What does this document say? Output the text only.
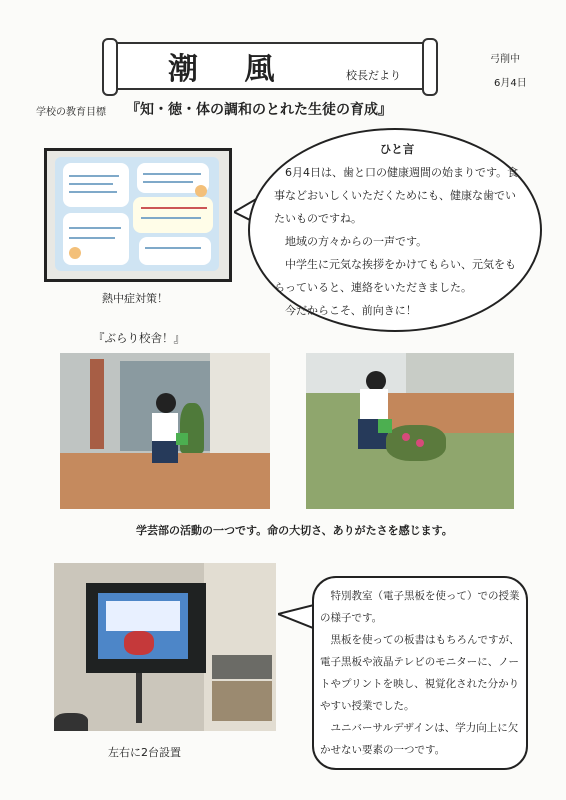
潮 風	校長だより
弓削中
6月4日
学校の教育目標 『知・徳・体の調和のとれた生徒の育成』
熱中症対策！
ひと言

6月4日は、歯と口の健康週間の始まりです。食事などおいしくいただくためにも、健康な歯でいたいものですね。

地域の方々からの一声です。

中学生に元気な挨拶をかけてもらい、元気をもらっていると、連絡をいただきました。

今だからこそ、前向きに！

『ぶらり校舎！』
学芸部の活動の一つです。命の大切さ、ありがたさを感じます。
左右に2台設置

特別教室（電子黒板を使って）での授業の様子です。

黒板を使っての板書はもちろんですが、電子黒板や液晶テレビのモニターに、ノートやプリントを映し、視覚化された分かりやすい授業でした。

ユニバーサルデザインは、学力向上に欠かせない要素の一つです。
